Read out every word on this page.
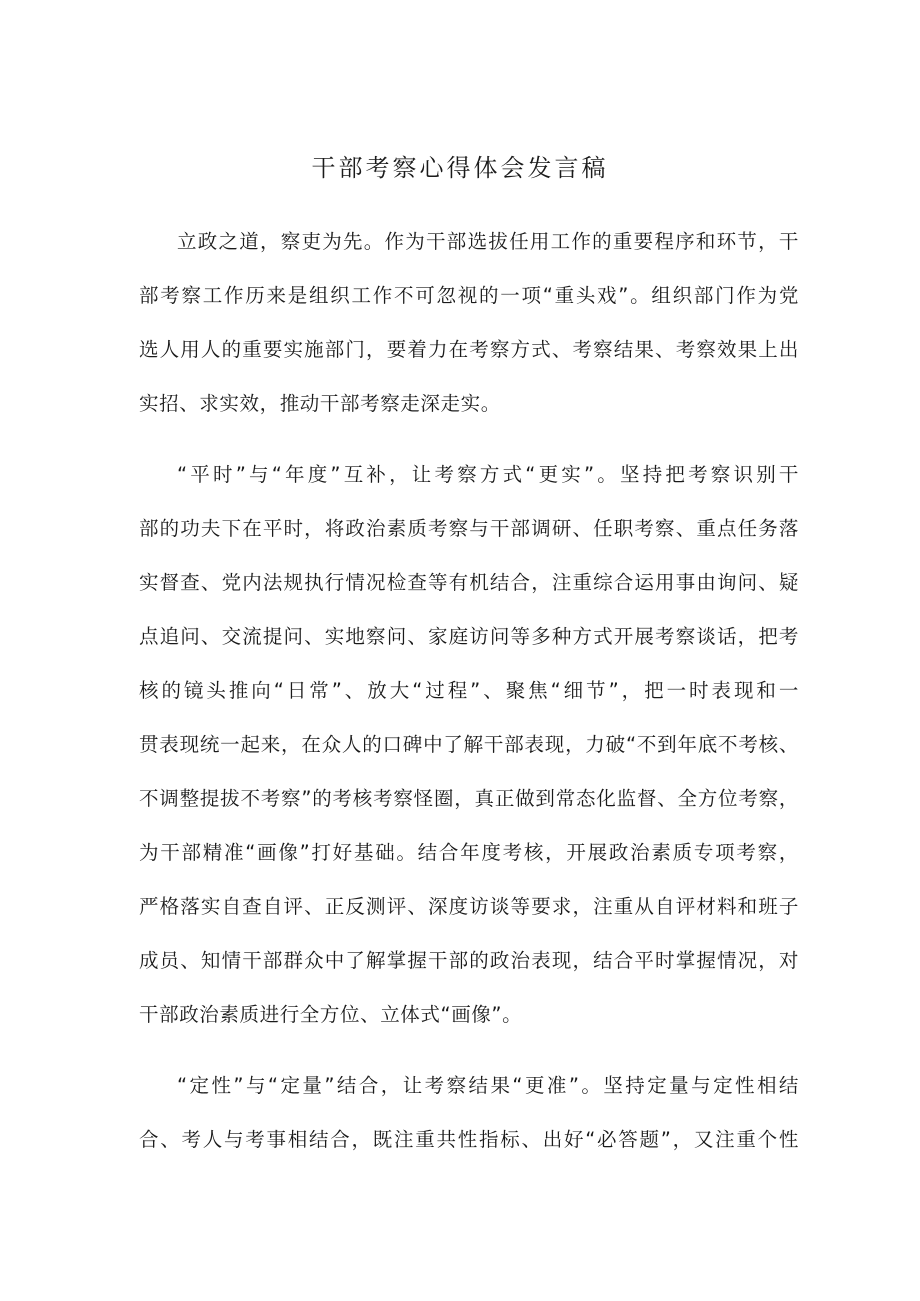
干部考察心得体会发言稿

立政之道，察吏为先。作为干部选拔任用工作的重要程序和环节，干

部考察工作历来是组织工作不可忽视的一项“重头戏”。组织部门作为党

选人用人的重要实施部门，要着力在考察方式、考察结果、考察效果上出

实招、求实效，推动干部考察走深走实。

“平时”与“年度”互补，让考察方式“更实”。坚持把考察识别干

部的功夫下在平时，将政治素质考察与干部调研、任职考察、重点任务落

实督查、党内法规执行情况检查等有机结合，注重综合运用事由询问、疑

点追问、交流提问、实地察问、家庭访问等多种方式开展考察谈话，把考

核的镜头推向“日常”、放大“过程”、聚焦“细节”，把一时表现和一

贯表现统一起来，在众人的口碑中了解干部表现，力破“不到年底不考核、

不调整提拔不考察”的考核考察怪圈，真正做到常态化监督、全方位考察，

为干部精准“画像”打好基础。结合年度考核，开展政治素质专项考察，

严格落实自查自评、正反测评、深度访谈等要求，注重从自评材料和班子

成员、知情干部群众中了解掌握干部的政治表现，结合平时掌握情况，对

干部政治素质进行全方位、立体式“画像”。

“定性”与“定量”结合，让考察结果“更准”。坚持定量与定性相结

合、考人与考事相结合，既注重共性指标、出好“必答题”，又注重个性
